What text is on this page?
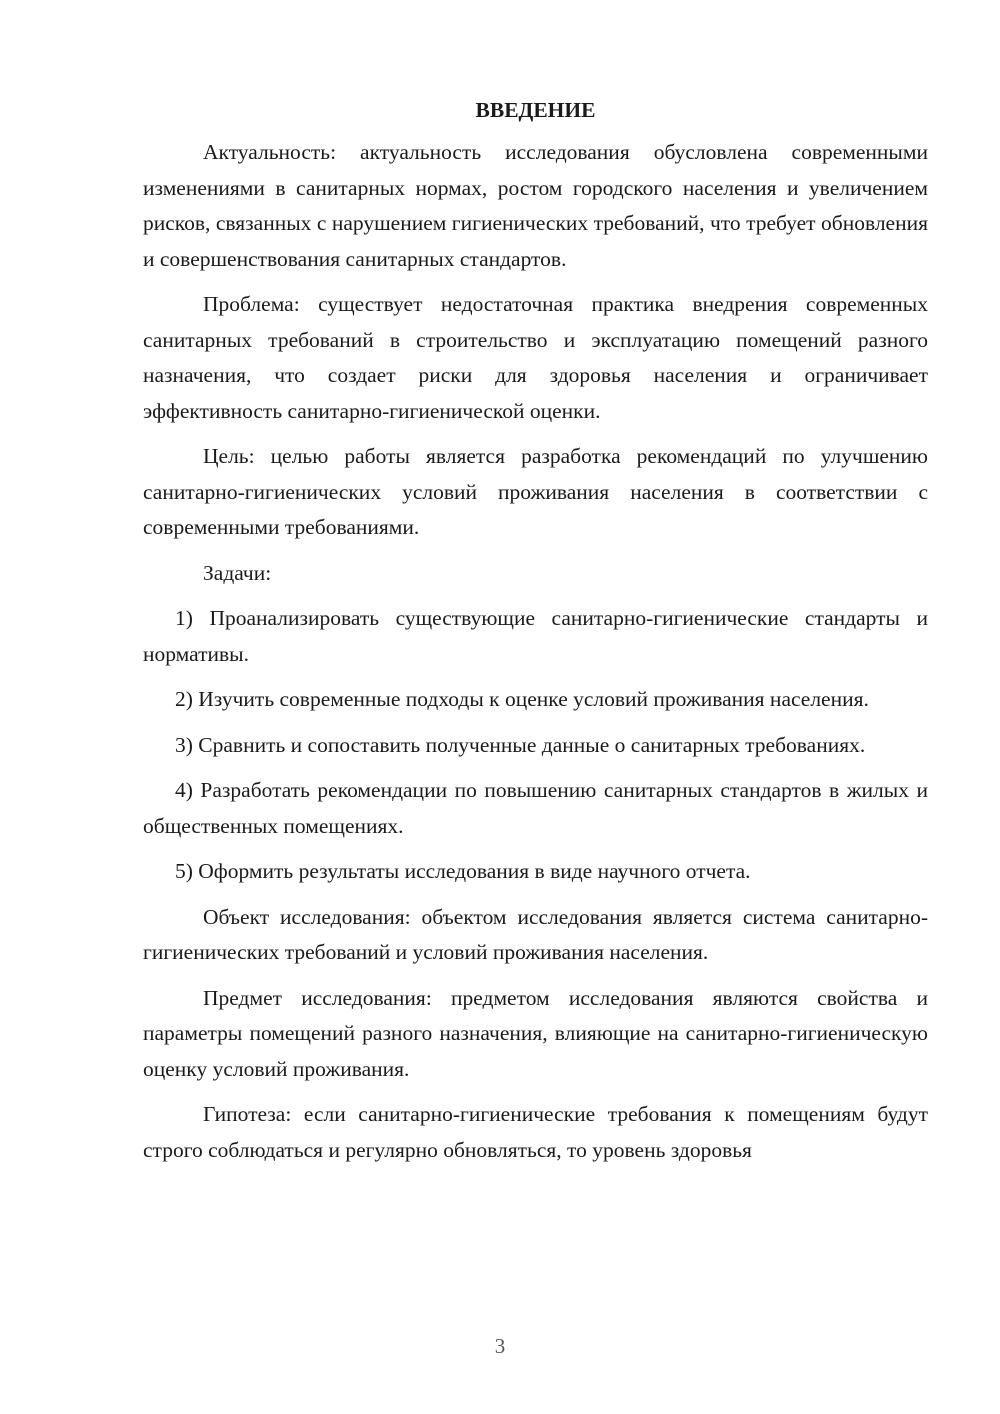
ВВЕДЕНИЕ

Актуальность: актуальность исследования обусловлена современными изменениями в санитарных нормах, ростом городского населения и увеличением рисков, связанных с нарушением гигиенических требований, что требует обновления и совершенствования санитарных стандартов.

Проблема: существует недостаточная практика внедрения современных санитарных требований в строительство и эксплуатацию помещений разного назначения, что создает риски для здоровья населения и ограничивает эффективность санитарно-гигиенической оценки.

Цель: целью работы является разработка рекомендаций по улучшению санитарно-гигиенических условий проживания населения в соответствии с современными требованиями.

Задачи:

1) Проанализировать существующие санитарно-гигиенические стандарты и нормативы.

2) Изучить современные подходы к оценке условий проживания населения.

3) Сравнить и сопоставить полученные данные о санитарных требованиях.

4) Разработать рекомендации по повышению санитарных стандартов в жилых и общественных помещениях.

5) Оформить результаты исследования в виде научного отчета.

Объект исследования: объектом исследования является система санитарно-гигиенических требований и условий проживания населения.

Предмет исследования: предметом исследования являются свойства и параметры помещений разного назначения, влияющие на санитарно-гигиеническую оценку условий проживания.

Гипотеза: если санитарно-гигиенические требования к помещениям будут строго соблюдаться и регулярно обновляться, то уровень здоровья

3
